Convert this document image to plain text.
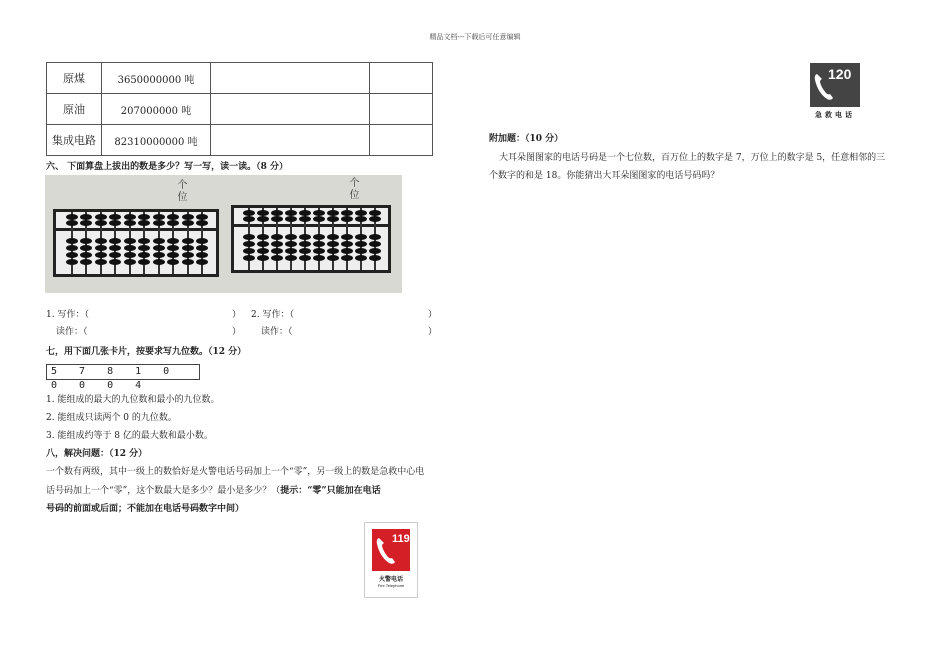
精品文档---下载后可任意编辑
原煤	3650000000 吨		
原油	207000000 吨		
集成电路	82310000000 吨		
六、 下面算盘上拔出的数是多少？写一写，读一读。（8 分）
个位	个位
1. 写作：（	） 2. 写作：（	）
读作：（	） 读作：（	）
七，用下面几张卡片，按要求写九位数。（12 分）
5 7 8 1 0 0 0 0 4
1. 能组成的最大的九位数和最小的九位数。
2. 能组成只读两个 0 的九位数。
3. 能组成约等于 8 亿的最大数和最小数。
八，解决问题：（12 分）
一个数有两级，其中一级上的数恰好是火警电话号码加上一个“零”，另一级上的数是急救中心电
话号码加上一个“零”，这个数最大是多少？最小是多少？（提示：“零”只能加在电话
号码的前面或后面；不能加在电话号码数字中间）
119
火警电话
Fire Telephone
120
急救电话
附加题：（10 分）
大耳朵图图家的电话号码是一个七位数，百万位上的数字是 7，万位上的数字是 5，任意相邻的三
个数字的和是 18。你能猜出大耳朵图图家的电话号码吗？
